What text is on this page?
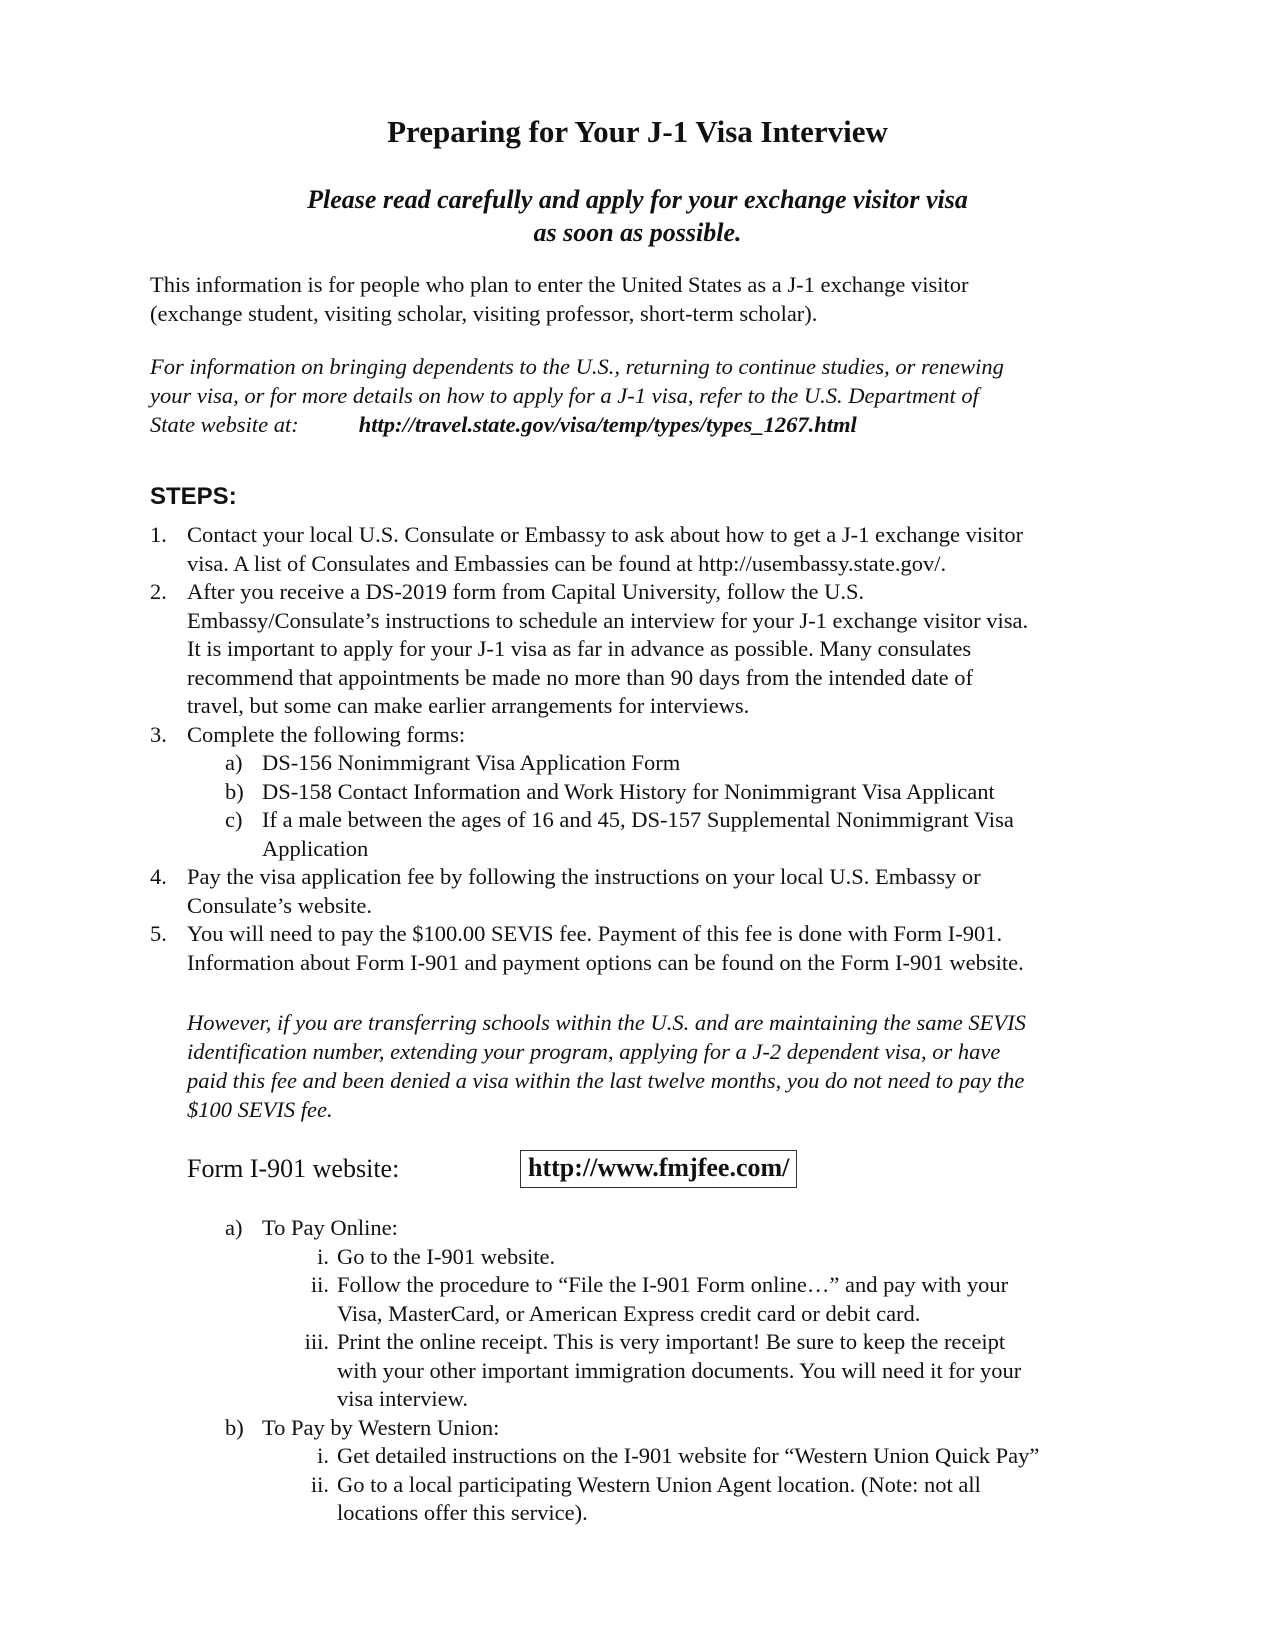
Preparing for Your J-1 Visa Interview
Please read carefully and apply for your exchange visitor visa
as soon as possible.
This information is for people who plan to enter the United States as a J-1 exchange visitor
(exchange student, visiting scholar, visiting professor, short-term scholar).
For information on bringing dependents to the U.S., returning to continue studies, or renewing
your visa, or for more details on how to apply for a J-1 visa, refer to the U.S. Department of
State website at:	http://travel.state.gov/visa/temp/types/types_1267.html
STEPS:
1. Contact your local U.S. Consulate or Embassy to ask about how to get a J-1 exchange visitor
visa. A list of Consulates and Embassies can be found at http://usembassy.state.gov/.
2. After you receive a DS-2019 form from Capital University, follow the U.S.
Embassy/Consulate’s instructions to schedule an interview for your J-1 exchange visitor visa.
It is important to apply for your J-1 visa as far in advance as possible. Many consulates
recommend that appointments be made no more than 90 days from the intended date of
travel, but some can make earlier arrangements for interviews.
3. Complete the following forms:
a) DS-156 Nonimmigrant Visa Application Form
b) DS-158 Contact Information and Work History for Nonimmigrant Visa Applicant
c) If a male between the ages of 16 and 45, DS-157 Supplemental Nonimmigrant Visa
Application
4. Pay the visa application fee by following the instructions on your local U.S. Embassy or
Consulate’s website.
5. You will need to pay the $100.00 SEVIS fee. Payment of this fee is done with Form I-901.
Information about Form I-901 and payment options can be found on the Form I-901 website.
However, if you are transferring schools within the U.S. and are maintaining the same SEVIS
identification number, extending your program, applying for a J-2 dependent visa, or have
paid this fee and been denied a visa within the last twelve months, you do not need to pay the
$100 SEVIS fee.
Form I-901 website:	http://www.fmjfee.com/
a) To Pay Online:
i. Go to the I-901 website.
ii. Follow the procedure to “File the I-901 Form online…” and pay with your
Visa, MasterCard, or American Express credit card or debit card.
iii. Print the online receipt. This is very important! Be sure to keep the receipt
with your other important immigration documents. You will need it for your
visa interview.
b) To Pay by Western Union:
i. Get detailed instructions on the I-901 website for “Western Union Quick Pay”
ii. Go to a local participating Western Union Agent location. (Note: not all
locations offer this service).
